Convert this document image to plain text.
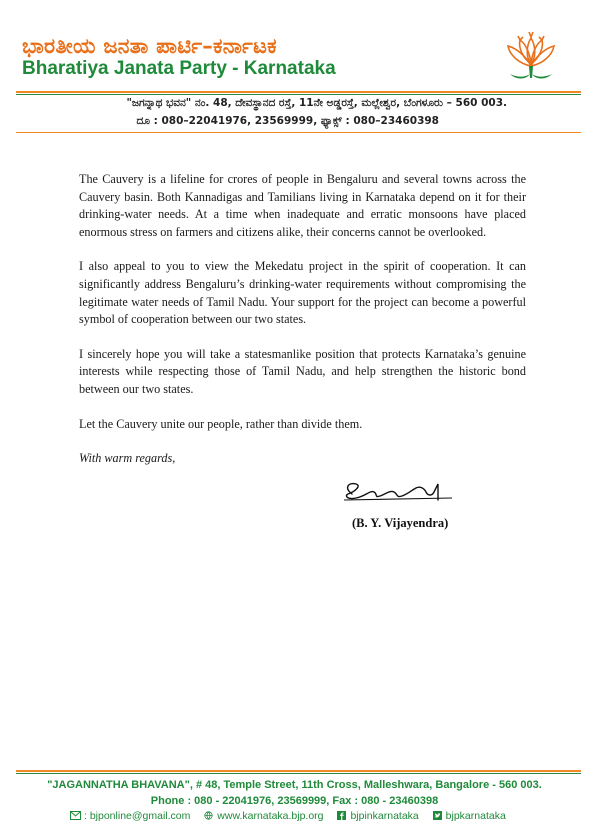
ಭಾರತೀಯ ಜನತಾ ಪಾರ್ಟಿ–ಕರ್ನಾಟಕ
Bharatiya Janata Party - Karnataka
"ಜಗನ್ನಾಥ ಭವನ" ನಂ. 48, ದೇವಸ್ಥಾನದ ರಸ್ತೆ, 11ನೇ ಅಡ್ಡರಸ್ತೆ, ಮಲ್ಲೇಶ್ವರ, ಬೆಂಗಳೂರು – 560 003.
ದೂ : 080–22041976, 23569999, ಫ್ಯಾಕ್ಸ್ : 080–23460398

The Cauvery is a lifeline for crores of people in Bengaluru and several towns across the Cauvery basin. Both Kannadigas and Tamilians living in Karnataka depend on it for their drinking-water needs. At a time when inadequate and erratic monsoons have placed enormous stress on farmers and citizens alike, their concerns cannot be overlooked.

I also appeal to you to view the Mekedatu project in the spirit of cooperation. It can significantly address Bengaluru’s drinking-water requirements without compromising the legitimate water needs of Tamil Nadu. Your support for the project can become a powerful symbol of cooperation between our two states.

I sincerely hope you will take a statesmanlike position that protects Karnataka’s genuine interests while respecting those of Tamil Nadu, and help strengthen the historic bond between our two states.

Let the Cauvery unite our people, rather than divide them.

With warm regards,
(B. Y. Vijayendra)
"JAGANNATHA BHAVANA", # 48, Temple Street, 11th Cross, Malleshwara, Bangalore - 560 003.
Phone : 080 - 22041976, 23569999, Fax : 080 - 23460398
: bjponline@gmail.com	www.karnataka.bjp.org	bjpinkarnataka	bjpkarnataka
